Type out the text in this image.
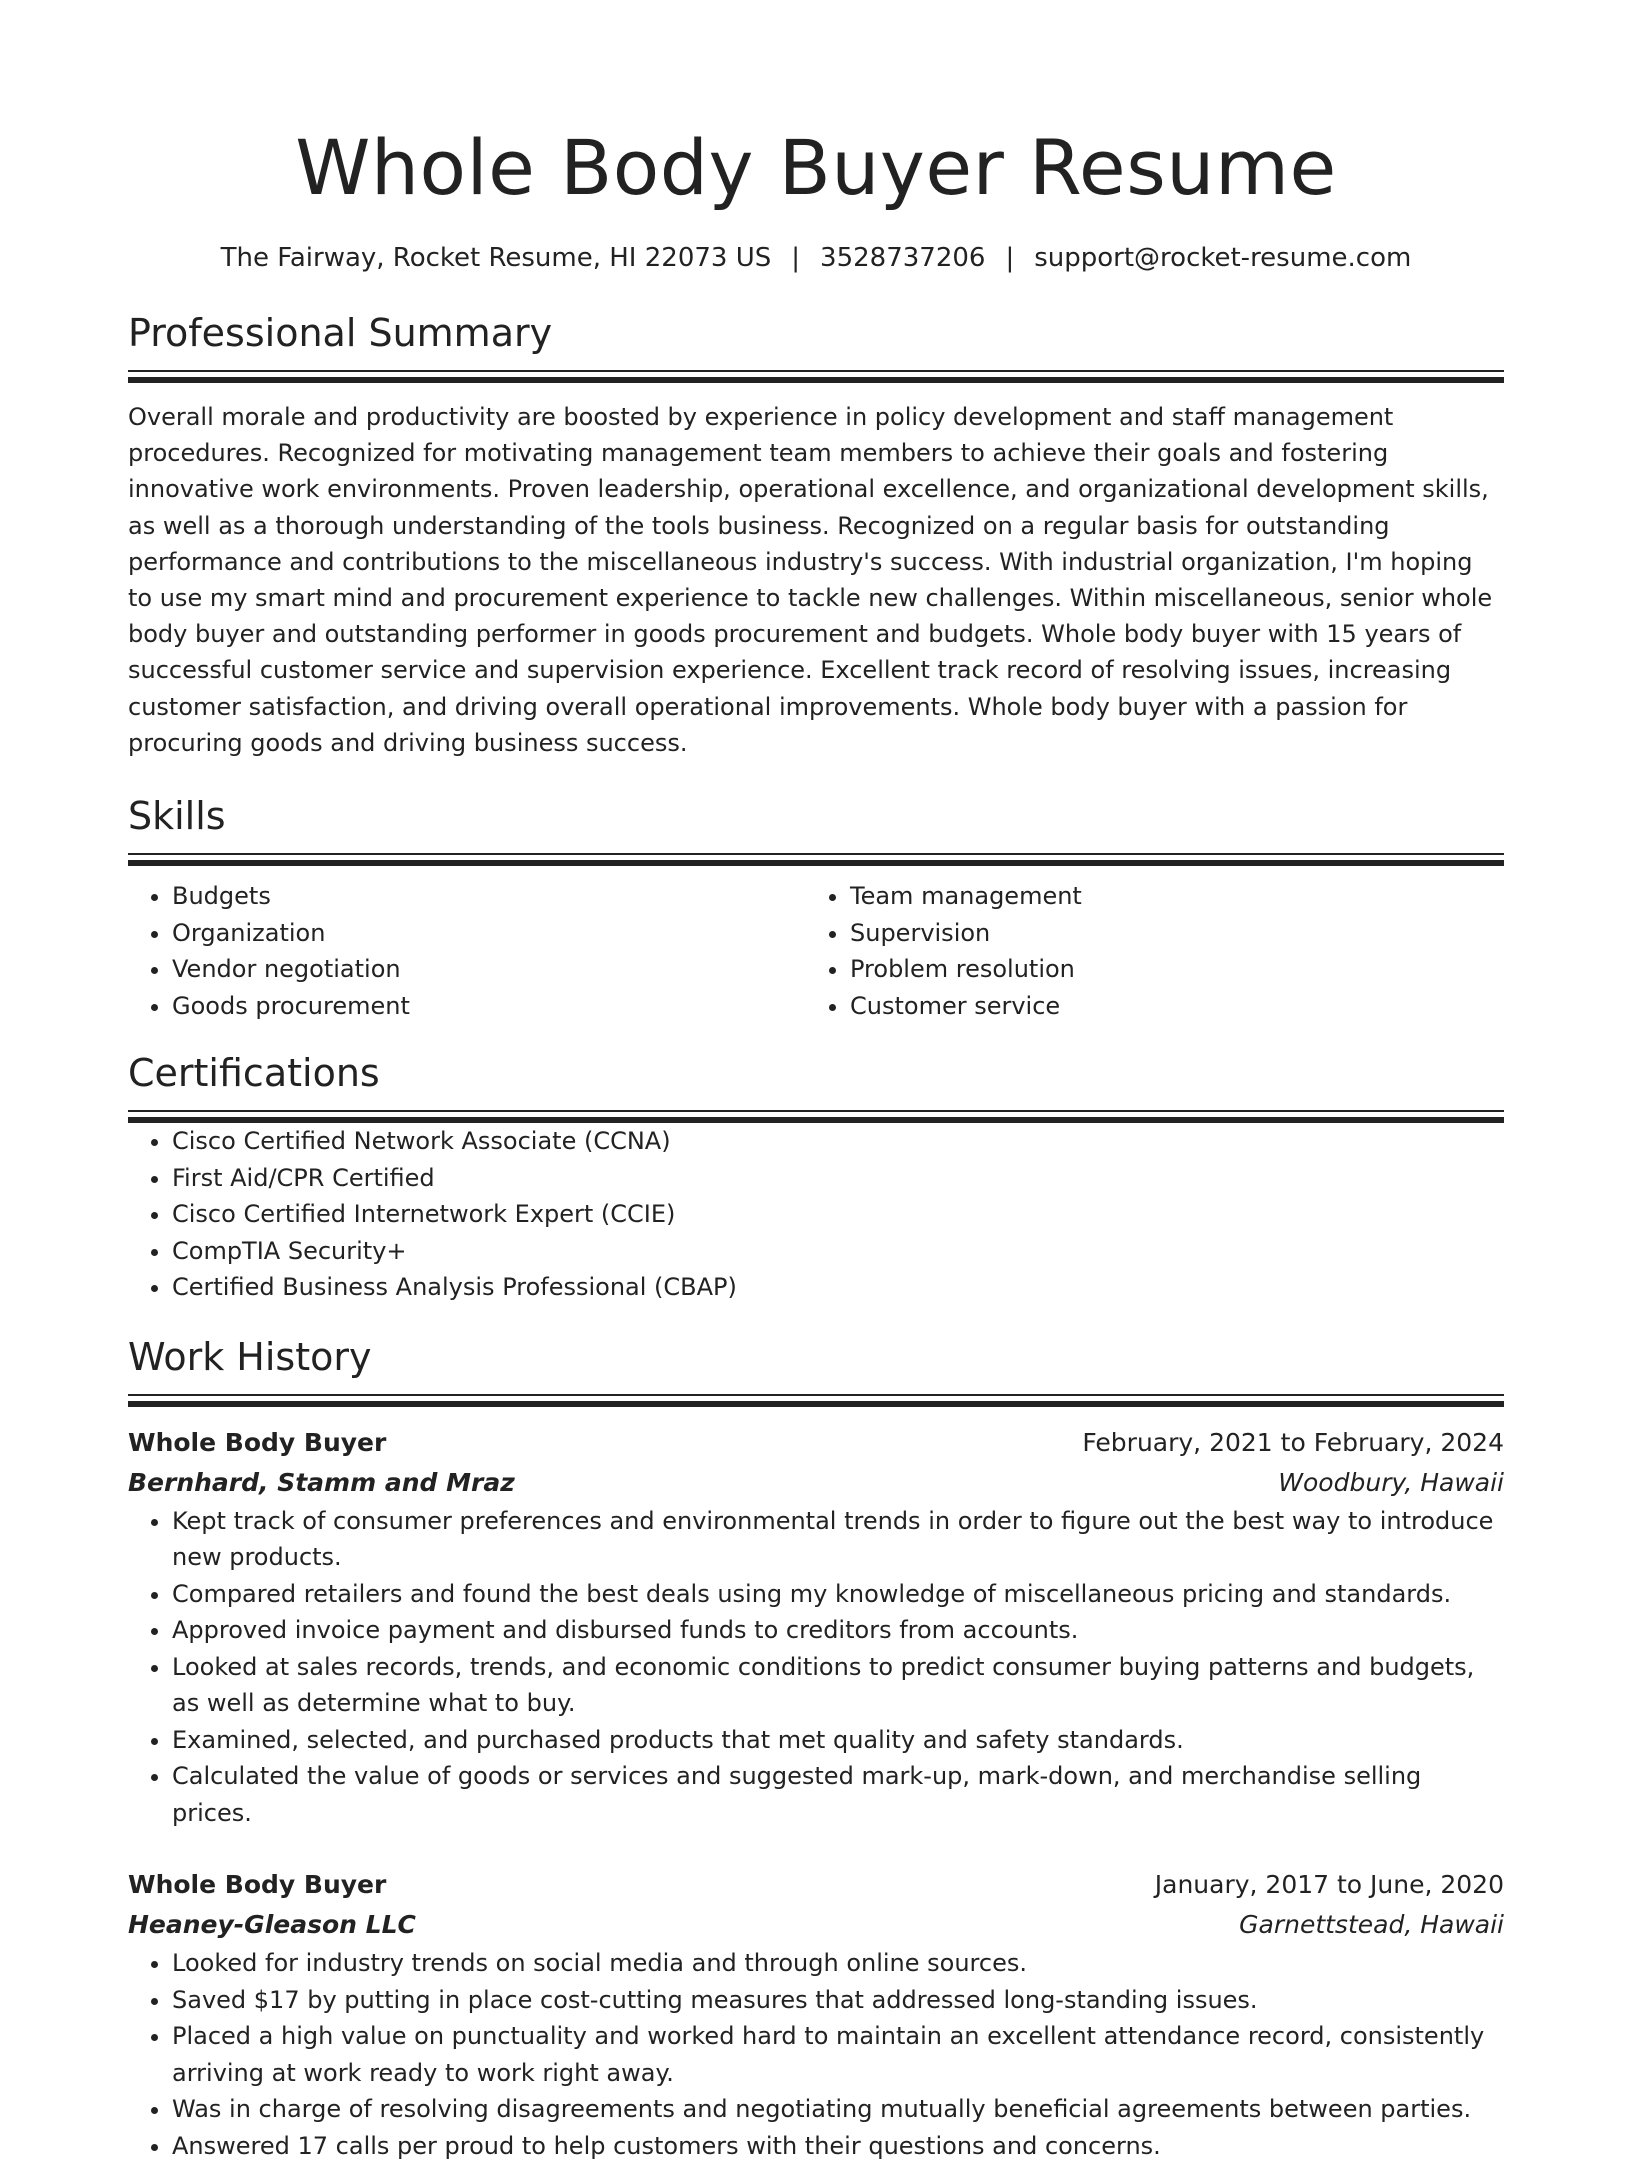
Whole Body Buyer Resume
The Fairway, Rocket Resume, HI 22073 US | 3528737206 | support@rocket-resume.com
Professional Summary

Overall morale and productivity are boosted by experience in policy development and staff management procedures. Recognized for motivating management team members to achieve their goals and fostering innovative work environments. Proven leadership, operational excellence, and organizational development skills, as well as a thorough understanding of the tools business. Recognized on a regular basis for outstanding performance and contributions to the miscellaneous industry's success. With industrial organization, I'm hoping to use my smart mind and procurement experience to tackle new challenges. Within miscellaneous, senior whole body buyer and outstanding performer in goods procurement and budgets. Whole body buyer with 15 years of successful customer service and supervision experience. Excellent track record of resolving issues, increasing customer satisfaction, and driving overall operational improvements. Whole body buyer with a passion for procuring goods and driving business success.

Skills
• Budgets
• Organization
• Vendor negotiation
• Goods procurement
• Team management
• Supervision
• Problem resolution
• Customer service
Certifications
• Cisco Certified Network Associate (CCNA)
• First Aid/CPR Certified
• Cisco Certified Internetwork Expert (CCIE)
• CompTIA Security+
• Certified Business Analysis Professional (CBAP)
Work History
Whole Body Buyer	February, 2021 to February, 2024
Bernhard, Stamm and Mraz	Woodbury, Hawaii
• Kept track of consumer preferences and environmental trends in order to figure out the best way to introduce new products.
• Compared retailers and found the best deals using my knowledge of miscellaneous pricing and standards.
• Approved invoice payment and disbursed funds to creditors from accounts.
• Looked at sales records, trends, and economic conditions to predict consumer buying patterns and budgets, as well as determine what to buy.
• Examined, selected, and purchased products that met quality and safety standards.
• Calculated the value of goods or services and suggested mark-up, mark-down, and merchandise selling prices.
Whole Body Buyer	January, 2017 to June, 2020
Heaney-Gleason LLC	Garnettstead, Hawaii
• Looked for industry trends on social media and through online sources.
• Saved $17 by putting in place cost-cutting measures that addressed long-standing issues.
• Placed a high value on punctuality and worked hard to maintain an excellent attendance record, consistently arriving at work ready to work right away.
• Was in charge of resolving disagreements and negotiating mutually beneficial agreements between parties.
• Answered 17 calls per proud to help customers with their questions and concerns.
